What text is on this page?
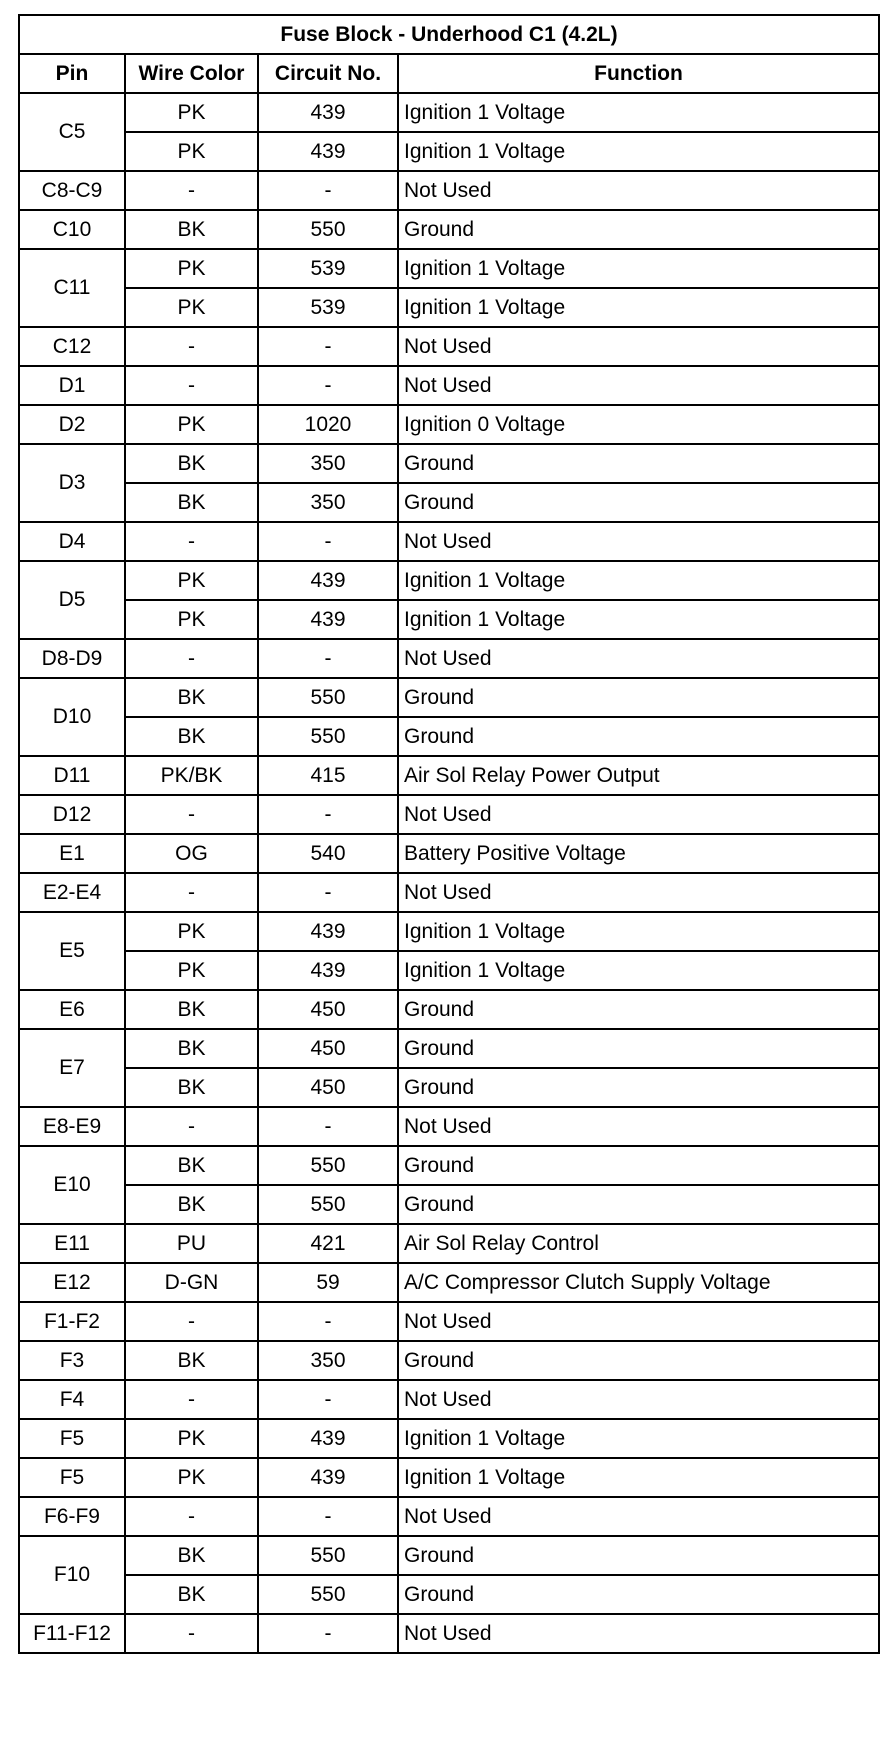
Fuse Block - Underhood C1 (4.2L)			
Pin	Wire Color	Circuit No.	Function
C5	PK	439	Ignition 1 Voltage
	PK	439	Ignition 1 Voltage
C8-C9	-	-	Not Used
C10	BK	550	Ground
C11	PK	539	Ignition 1 Voltage
	PK	539	Ignition 1 Voltage
C12	-	-	Not Used
D1	-	-	Not Used
D2	PK	1020	Ignition 0 Voltage
D3	BK	350	Ground
	BK	350	Ground
D4	-	-	Not Used
D5	PK	439	Ignition 1 Voltage
	PK	439	Ignition 1 Voltage
D8-D9	-	-	Not Used
D10	BK	550	Ground
	BK	550	Ground
D11	PK/BK	415	Air Sol Relay Power Output
D12	-	-	Not Used
E1	OG	540	Battery Positive Voltage
E2-E4	-	-	Not Used
E5	PK	439	Ignition 1 Voltage
	PK	439	Ignition 1 Voltage
E6	BK	450	Ground
E7	BK	450	Ground
	BK	450	Ground
E8-E9	-	-	Not Used
E10	BK	550	Ground
	BK	550	Ground
E11	PU	421	Air Sol Relay Control
E12	D-GN	59	A/C Compressor Clutch Supply Voltage
F1-F2	-	-	Not Used
F3	BK	350	Ground
F4	-	-	Not Used
F5	PK	439	Ignition 1 Voltage
F5	PK	439	Ignition 1 Voltage
F6-F9	-	-	Not Used
F10	BK	550	Ground
	BK	550	Ground
F11-F12	-	-	Not Used
